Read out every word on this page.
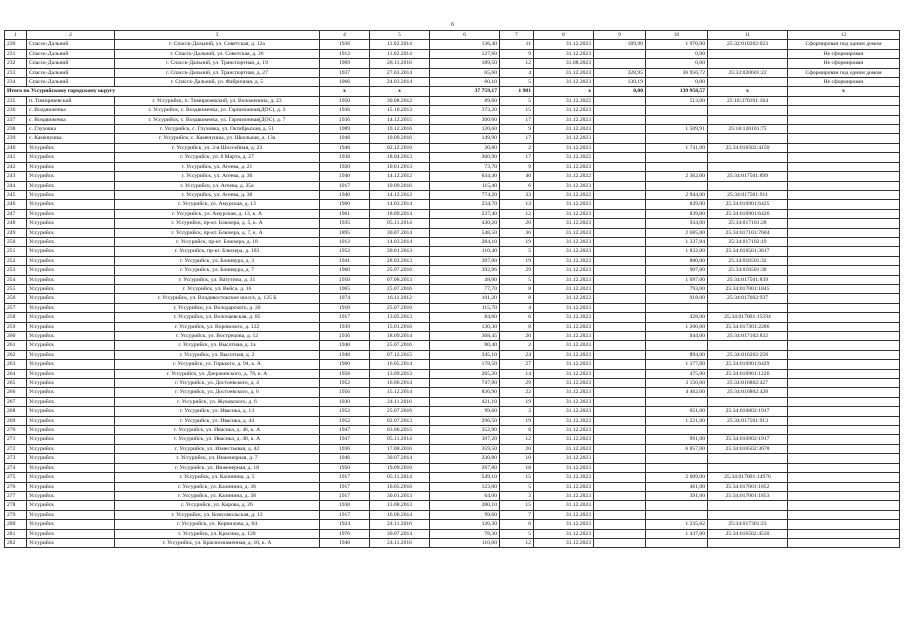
6
1	2	3	4	5	6	7	8	9	10	11	12
230	Спасск-Дальний	г. Спасск-Дальний, ул. Советская, д. 12а	1938	11.02.2014	136,40	11	31.12.2023	189,90	1 970,00	25:32:010202:023	Сформирован под одним домом
231	Спасск-Дальний	г. Спасск-Дальний, ул. Советская, д. 26	1912	11.02.2014	127,60	9	31.12.2023		0,00		Не сформирован
232	Спасск-Дальний	г. Спасск-Дальний, ул. Транспортная, д. 19	1969	28.11.2016	189,50	12	31.08.2023		0,00		Не сформирован
233	Спасск-Дальний	г. Спасск-Дальний, ул. Транспортная, д. 27	1937	27.03.2014	65,60	4	31.12.2023	328,95	36 956,72	25:32:020601:22	Сформирован под одним домом
234	Спасск-Дальний	г. Спасск-Дальний, ул. Фабричная, д. 5	1966	24.03.2014	60,10	5	31.12.2023	130,19	0,00		Не сформирован
Итого по Уссурийскому городскому округу			x	x	37 759,17	1 981	x	0,00	139 958,57	x	x
235	п. Тимирязевский	г. Уссурийск, п. Тимирязевский, ул. Воложенина, д. 23	1950	30.08.2012	89,60	5	31.12.2022		513,00	25:18:370101:164	
236	с. Воздвиженка	г. Уссурийск, с. Воздвиженка, ул. Гарнизонная(ДОС), д. 3	1936	15.10.2013	373,20	15	31.12.2023				
237	с. Воздвиженка	г. Уссурийск, с. Воздвиженка, ул. Гарнизонная(ДОС), д. 7	1936	14.12.2015	300,60	17	31.12.2023				
238	с. Глуховка	г. Уссурийск, с. Глуховка, ул. Октябрьская, д. 51	1989	19.12.2016	120,60	9	31.12.2023		1 509,91	25:18:120101:75	
239	с. Каменушка	г. Уссурийск, с. Каменушка, ул. Школьная, д. 13а	1948	19.09.2016	149,90	17	31.12.2023				
240	Уссурийск	г. Уссурийск, ул. 2-я Шоссейная, д. 23	1946	02.12.2016	30,80	2	31.12.2023		1 741,00	25:34:016502:4150	
241	Уссурийск	г. Уссурийск, ул. 8 Марта, д. 27	1938	18.04.2013	360,90	17	31.12.2022				
242	Уссурийск	г. Уссурийск, ул. Агеева, д. 21	1920	10.01.2013	73,70	9	31.12.2023				
243	Уссурийск	г. Уссурийск, ул. Агеева, д. 30	1940	14.12.2012	634,40	40	31.12.2022		2 362,00	25:34:017501:899	
244	Уссурийск	г. Уссурийск, ул. Агеева, д. 35а	1917	19.09.2016	115,40	6	31.12.2023				
245	Уссурийск	г. Уссурийск, ул. Агеева, д. 38	1940	14.12.2012	774,20	33	31.12.2022		2 944,00	25:34:017501:911	
246	Уссурийск	г. Уссурийск, ул. Амурская, д. 13	1960	14.03.2014	234,70	13	31.12.2023		839,00	25:34:016901:6425	
247	Уссурийск	г. Уссурийск, ул. Амурская, д. 13, к. А	1961	18.09.2014	237,40	12	31.12.2023		839,00	25:34:016901:6426	
248	Уссурийск	г. Уссурийск, пр-кт. Блюхера, д. 5, к. А	1935	05.11.2014	430,20	20	31.12.2023		934,00	25:34:017101:28	
249	Уссурийск	г. Уссурийск, пр-кт. Блюхера, д. 7, к. А	1895	30.07.2014	548,50	36	31.12.2023		2 685,00	25:34:017101:7604	
250	Уссурийск	г. Уссурийск, пр-кт. Блюхера, д. 18	1912	14.03.2014	284,10	19	31.12.2023		1 337,84	25:34:017102:19	
251	Уссурийск	г. Уссурийск, пр-кт. Блюхера, д. 103	1952	30.01.2013	110,40	5	31.12.2023		1 832,00	25:34:016501:3817	
252	Уссурийск	г. Уссурийск, ул. Бонивура, д. 3	1941	28.03.2013	397,00	19	31.12.2023		880,00	25:34:016501:32	
253	Уссурийск	г. Уссурийск, ул. Бонивура, д. 7	1960	25.07.2016	392,96	29	31.12.2023		907,00	25:34:016501:30	
254	Уссурийск	г. Уссурийск, ул. Ватутина, д. 31	1950	07.08.2013	48,00	5	31.12.2023		1 097,00	25:34:017501:839	
255	Уссурийск	г. Уссурийск, ул. Вейса, д. 16	1965	25.07.2016	77,70	8	31.12.2023		793,00	25:34:017001:1845	
256	Уссурийск	г. Уссурийск, ул. Владивостокское шоссе, д. 125 Б	1974	16.11.2012	101,20	8	31.12.2022		918,00	25:34:017602:937	
257	Уссурийск	г. Уссурийск, ул. Володарского, д. 30	1910	25.07.2016	115,70	4	31.12.2023				
258	Уссурийск	г. Уссурийск, ул. Волочаевская, д. 85	1917	13.05.2013	84,60	6	31.12.2023		428,00	25:34:017001:15594	
259	Уссурийск	г. Уссурийск, ул. Воровского, д. 122	1939	15.01.2016	130,30	8	31.12.2023		1 200,00	25:34:017301:2286	
260	Уссурийск	г. Уссурийск, ул. Вострецова, д. 12	1936	18.09.2014	368,45	20	31.12.2023		944,00	25:34:017102:832	
261	Уссурийск	г. Уссурийск, ул. Высотная, д. 1а	1940	25.07.2016	80,40	2	31.12.2023				
262	Уссурийск	г. Уссурийск, ул. Высотная, д. 2	1948	07.12.2015	345,10	24	31.12.2023		894,00	25:34:016202:258	
263	Уссурийск	г. Уссурийск, ул. Горького, д. 94, к. А	1960	16.05.2014	178,50	27	31.12.2023		1 177,00	25:34:016901:6429	
264	Уссурийск	г. Уссурийск, ул. Дзержинского, д. 78, к. А	1958	13.09.2013	265,20	14	31.12.2023		475,00	25:34:016901:1226	
265	Уссурийск	г. Уссурийск, ул. Достоевского, д. 4	1952	16.06.2014	747,90	29	31.12.2023		3 150,00	25:34:016802:427	
266	Уссурийск	г. Уссурийск, ул. Достоевского, д. 6	1956	15.12.2014	836,90	22	31.12.2023		4 462,00	25:34:016802:428	
267	Уссурийск	г. Уссурийск, ул. Жуковского, д. 6	1930	24.11.2016	421,10	19	31.12.2023				
268	Уссурийск	г. Уссурийск, ул. Ивасика, д. 13	1952	25.07.2016	99,60	3	31.12.2023		651,00	25:34:016802:1917	
269	Уссурийск	г. Уссурийск, ул. Ивасика, д. 44	1952	02.07.2013	296,50	19	31.12.2023		1 221,00	25:34:017501:913	
270	Уссурийск	г. Уссурийск, ул. Ивасика, д. 46, к. А	1947	03.06.2015	352,90	8	31.12.2023				
271	Уссурийск	г. Уссурийск, ул. Ивасика, д. 48, к. А	1947	05.11.2014	307,20	12	31.12.2023		991,00	25:34:016902:1917	
272	Уссурийск	г. Уссурийск, ул. Изместьевая, д. 42	1936	17.08.2016	359,50	20	31.12.2023		6 857,00	25:34:016502:3678	
273	Уссурийск	г. Уссурийск, ул. Инженерная, д. 7	1946	30.07.2014	230,80	10	31.12.2023				
274	Уссурийск	г. Уссурийск, ул. Инженерная, д. 18	1950	19.09.2016	267,80	18	31.12.2023				
275	Уссурийск	г. Уссурийск, ул. Калинина, д. 5	1917	05.11.2014	549,10	15	31.12.2023		2 609,00	25:34:017001:14976	
276	Уссурийск	г. Уссурийск, ул. Калинина, д. 36	1917	10.05.2016	123,00	5	31.12.2023		461,00	25:34:017001:1852	
277	Уссурийск	г. Уссурийск, ул. Калинина, д. 38	1917	30.01.2013	64,00	3	31.12.2023		391,00	25:34:017001:1853	
278	Уссурийск	г. Уссурийск, ул. Кирова, д. 26	1930	13.08.2013	280,10	15	31.12.2023				
279	Уссурийск	г. Уссурийск, ул. Комсомольская, д. 13	1917	16.06.2014	99,60	7	31.12.2023				
280	Уссурийск	г. Уссурийск, ул. Корнилова, д. 84	1924	24.11.2016	120,30	6	31.12.2023		1 235,62	25:34:017301:23	
281	Уссурийск	г. Уссурийск, ул. Красина, д. 120	1976	30.07.2014	78,30	5	31.12.2023		1 437,00	25:34:016502:4530	
282	Уссурийск	г. Уссурийск, ул. Краснознаменная, д. 10, к. А	1940	24.11.2016	110,00	12	31.12.2023				
